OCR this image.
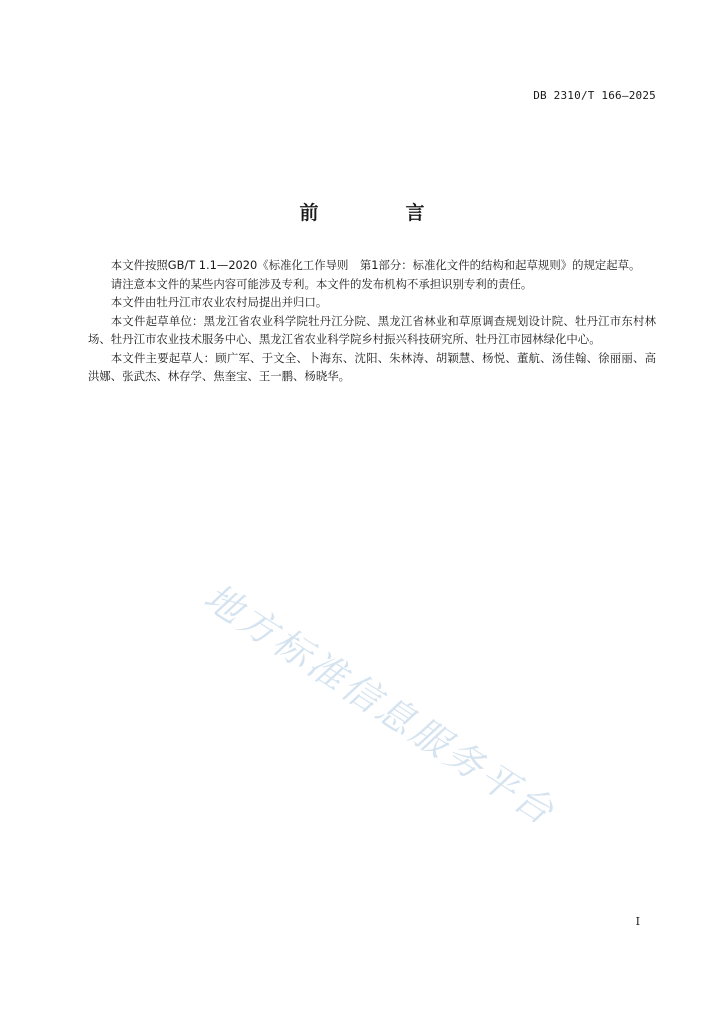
DB 2310/T 166—2025
前　言

本文件按照GB/T 1.1—2020《标准化工作导则　第1部分：标准化文件的结构和起草规则》的规定起草。

请注意本文件的某些内容可能涉及专利。本文件的发布机构不承担识别专利的责任。

本文件由牡丹江市农业农村局提出并归口。

本文件起草单位：黑龙江省农业科学院牡丹江分院、黑龙江省林业和草原调查规划设计院、牡丹江市东村林场、牡丹江市农业技术服务中心、黑龙江省农业科学院乡村振兴科技研究所、牡丹江市园林绿化中心。

本文件主要起草人：顾广军、于文全、卜海东、沈阳、朱林涛、胡颖慧、杨悦、董航、汤佳翰、徐丽丽、高洪娜、张武杰、林存学、焦奎宝、王一鹏、杨晓华。

地方标准信息服务平台
I
